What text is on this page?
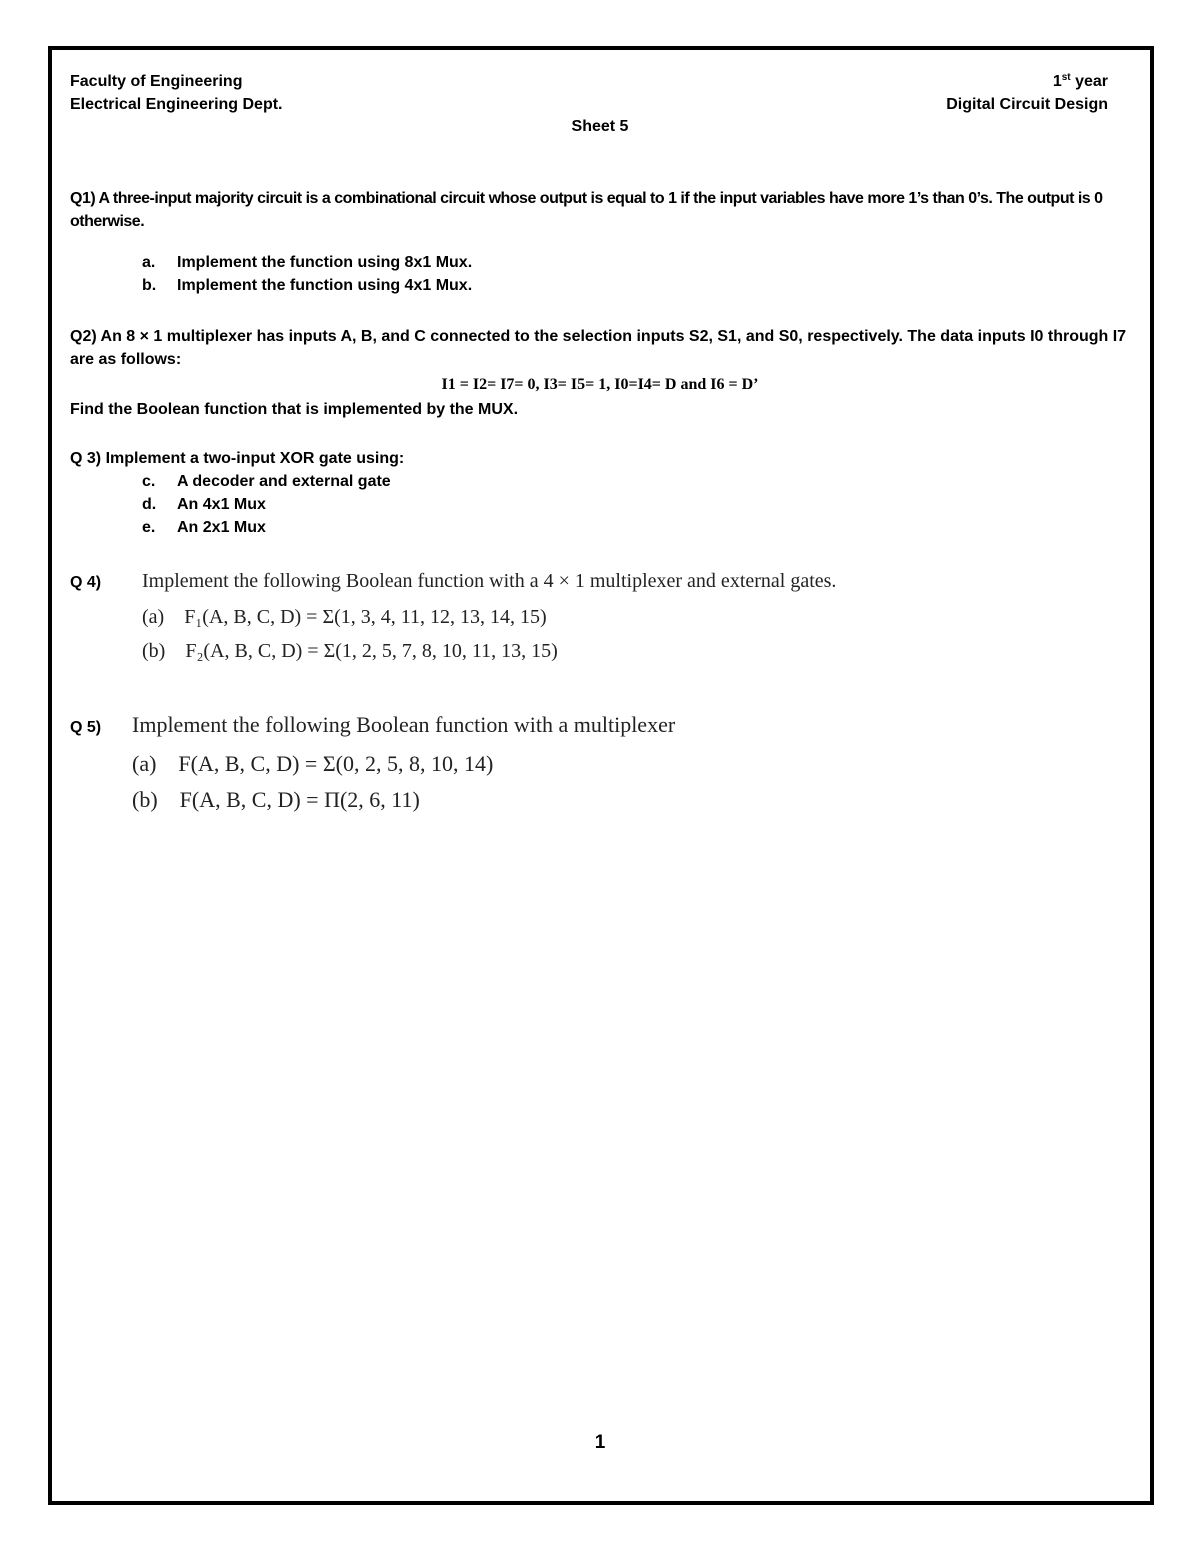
Faculty of Engineering
Electrical Engineering Dept.
1st year
Digital Circuit Design
Sheet 5
Q1) A three-input majority circuit is a combinational circuit whose output is equal to 1 if the input variables have more 1’s than 0’s. The output is 0 otherwise.
a. Implement the function using 8x1 Mux.
b. Implement the function using 4x1 Mux.
Q2) An 8 × 1 multiplexer has inputs A, B, and C connected to the selection inputs S2, S1, and S0, respectively. The data inputs I0 through I7 are as follows:
I1 = I2= I7= 0, I3= I5= 1, I0=I4= D and I6 = D’
Find the Boolean function that is implemented by the MUX.
Q 3) Implement a two-input XOR gate using:
c. A decoder and external gate
d. An 4x1 Mux
e. An 2x1 Mux
Q 4) Implement the following Boolean function with a 4 × 1 multiplexer and external gates.
(a)    F₁(A, B, C, D) = Σ(1, 3, 4, 11, 12, 13, 14, 15)
(b)    F₂(A, B, C, D) = Σ(1, 2, 5, 7, 8, 10, 11, 13, 15)
Q 5) Implement the following Boolean function with a multiplexer
(a)    F(A, B, C, D) = Σ(0, 2, 5, 8, 10, 14)
(b)    F(A, B, C, D) = Π(2, 6, 11)
1
